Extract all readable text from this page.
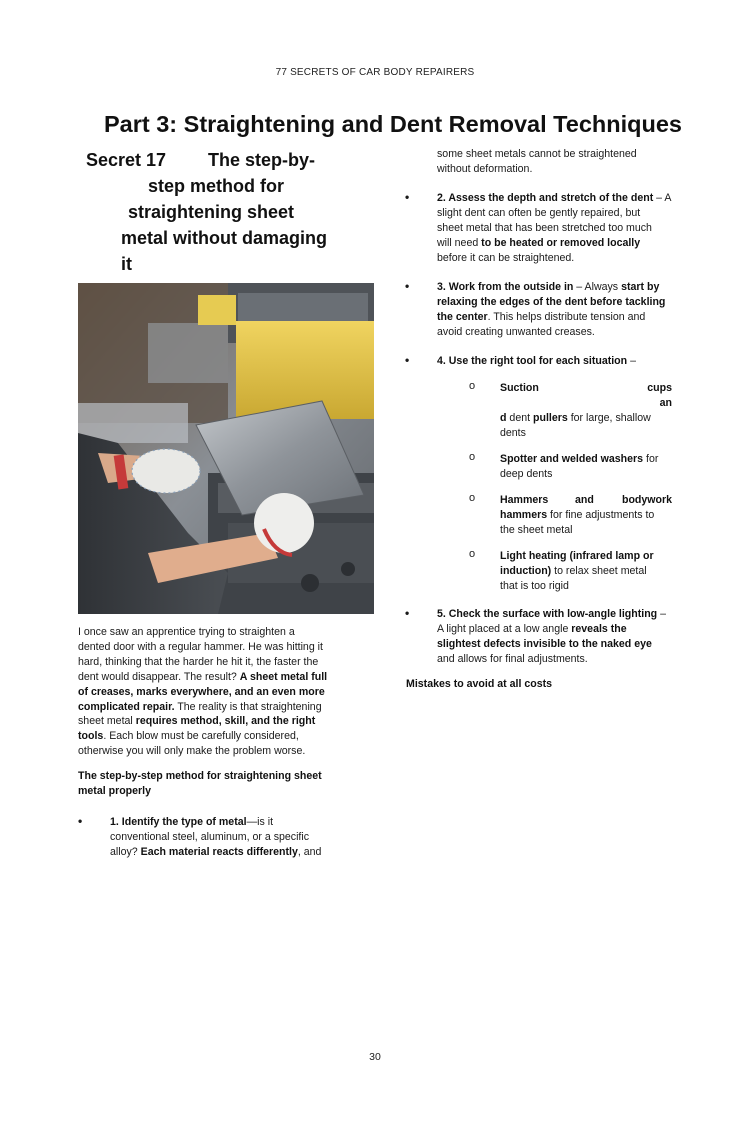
77 SECRETS OF CAR BODY REPAIRERS
Part 3: Straightening and Dent Removal Techniques
Secret 17 The step-by-
step method for
straightening sheet
metal without damaging
it
I once saw an apprentice trying to straighten a
dented door with a regular hammer. He was hitting it
hard, thinking that the harder he hit it, the faster the
dent would disappear. The result? A sheet metal full
of creases, marks everywhere, and an even more
complicated repair. The reality is that straightening
sheet metal requires method, skill, and the right
tools. Each blow must be carefully considered,
otherwise you will only make the problem worse.
The step-by-step method for straightening sheet
metal properly
•	1. Identify the type of metal—is it
conventional steel, aluminum, or a specific
alloy? Each material reacts differently, and
some sheet metals cannot be straightened
without deformation.
•	2. Assess the depth and stretch of the dent – A
slight dent can often be gently repaired, but
sheet metal that has been stretched too much
will need to be heated or removed locally
before it can be straightened.
•	3. Work from the outside in – Always start by
relaxing the edges of the dent before tackling
the center. This helps distribute tension and
avoid creating unwanted creases.
•	4. Use the right tool for each situation –
o Suction	cups
an
d dent pullers for large, shallow
dents
o Spotter and welded washers for
deep dents
o Hammers	and	bodywork
hammers for fine adjustments to
the sheet metal
o Light heating (infrared lamp or
induction) to relax sheet metal
that is too rigid
•	5. Check the surface with low-angle lighting –
A light placed at a low angle reveals the
slightest defects invisible to the naked eye
and allows for final adjustments.
Mistakes to avoid at all costs
30
